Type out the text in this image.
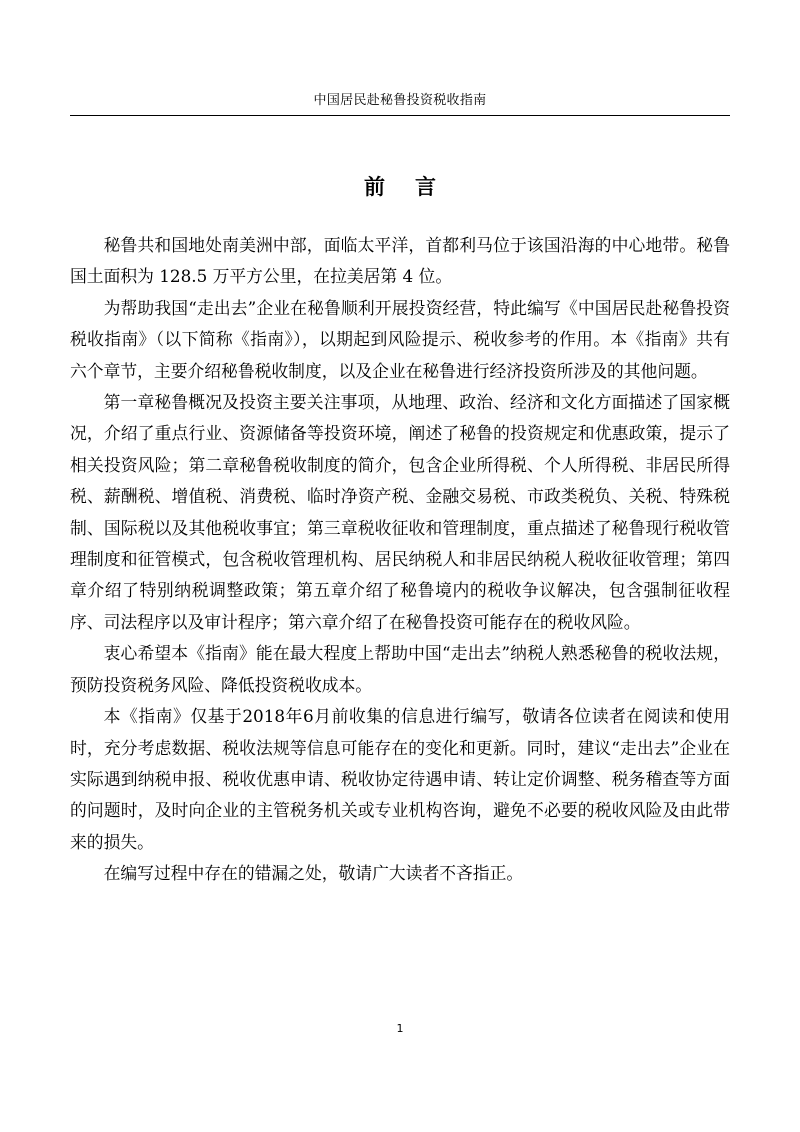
中国居民赴秘鲁投资税收指南
前言

秘鲁共和国地处南美洲中部，面临太平洋，首都利马位于该国沿海的中心地带。秘鲁国土面积为 128.5 万平方公里，在拉美居第 4 位。

为帮助我国“走出去”企业在秘鲁顺利开展投资经营，特此编写《中国居民赴秘鲁投资税收指南》（以下简称《指南》），以期起到风险提示、税收参考的作用。本《指南》共有六个章节，主要介绍秘鲁税收制度，以及企业在秘鲁进行经济投资所涉及的其他问题。

第一章秘鲁概况及投资主要关注事项，从地理、政治、经济和文化方面描述了国家概况，介绍了重点行业、资源储备等投资环境，阐述了秘鲁的投资规定和优惠政策，提示了相关投资风险；第二章秘鲁税收制度的简介，包含企业所得税、个人所得税、非居民所得税、薪酬税、增值税、消费税、临时净资产税、金融交易税、市政类税负、关税、特殊税制、国际税以及其他税收事宜；第三章税收征收和管理制度，重点描述了秘鲁现行税收管理制度和征管模式，包含税收管理机构、居民纳税人和非居民纳税人税收征收管理；第四章介绍了特别纳税调整政策；第五章介绍了秘鲁境内的税收争议解决，包含强制征收程序、司法程序以及审计程序；第六章介绍了在秘鲁投资可能存在的税收风险。

衷心希望本《指南》能在最大程度上帮助中国“走出去”纳税人熟悉秘鲁的税收法规，预防投资税务风险、降低投资税收成本。

本《指南》仅基于2018年6月前收集的信息进行编写，敬请各位读者在阅读和使用时，充分考虑数据、税收法规等信息可能存在的变化和更新。同时，建议“走出去”企业在实际遇到纳税申报、税收优惠申请、税收协定待遇申请、转让定价调整、税务稽查等方面的问题时，及时向企业的主管税务机关或专业机构咨询，避免不必要的税收风险及由此带来的损失。

在编写过程中存在的错漏之处，敬请广大读者不吝指正。

1
